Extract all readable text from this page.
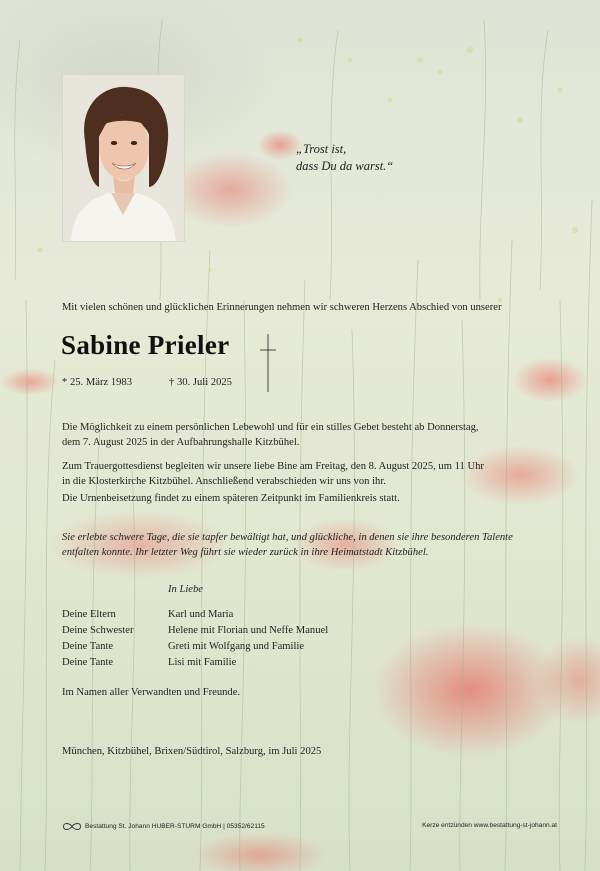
„Trost ist,
dass Du da warst.“
Mit vielen schönen und glücklichen Erinnerungen nehmen wir schweren Herzens Abschied von unserer
Sabine Prieler
* 25. März 1983	† 30. Juli 2025
Die Möglichkeit zu einem persönlichen Lebewohl und für ein stilles Gebet besteht ab Donnerstag,
dem 7. August 2025 in der Aufbahrungshalle Kitzbühel.
Zum Trauergottesdienst begleiten wir unsere liebe Bine am Freitag, den 8. August 2025, um 11 Uhr
in die Klosterkirche Kitzbühel. Anschließend verabschieden wir uns von ihr.
Die Urnenbeisetzung findet zu einem späteren Zeitpunkt im Familienkreis statt.
Sie erlebte schwere Tage, die sie tapfer bewältigt hat, und glückliche, in denen sie ihre besonderen Talente
entfalten konnte. Ihr letzter Weg führt sie wieder zurück in ihre Heimatstadt Kitzbühel.
In Liebe
Deine Eltern	Karl und Maria
Deine Schwester	Helene mit Florian und Neffe Manuel
Deine Tante	Greti mit Wolfgang und Familie
Deine Tante	Lisi mit Familie
Im Namen aller Verwandten und Freunde.
München, Kitzbühel, Brixen/Südtirol, Salzburg, im Juli 2025
Bestattung St. Johann HUBER-STURM GmbH | 05352/62115	Kerze entzünden www.bestattung-st-johann.at
